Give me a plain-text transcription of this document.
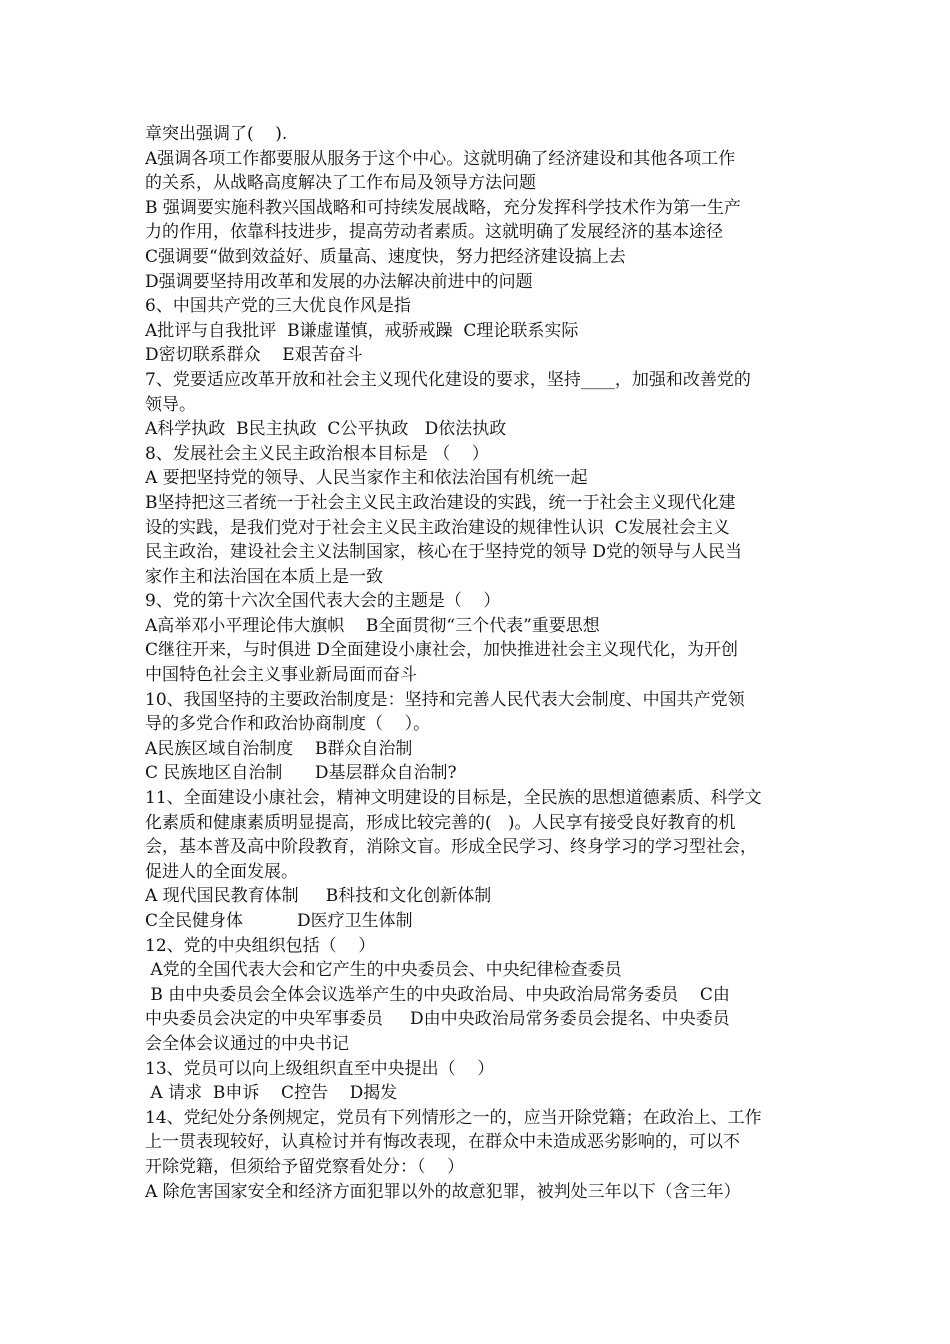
章突出强调了(    ).
A强调各项工作都要服从服务于这个中心。这就明确了经济建设和其他各项工作
的关系，从战略高度解决了工作布局及领导方法问题
B 强调要实施科教兴国战略和可持续发展战略，充分发挥科学技术作为第一生产
力的作用，依靠科技进步，提高劳动者素质。这就明确了发展经济的基本途径
C强调要“做到效益好、质量高、速度快，努力把经济建设搞上去
D强调要坚持用改革和发展的办法解决前进中的问题
6、中国共产党的三大优良作风是指
A批评与自我批评  B谦虚谨慎，戒骄戒躁  C理论联系实际
D密切联系群众    E艰苦奋斗
7、党要适应改革开放和社会主义现代化建设的要求，坚持____，加强和改善党的
领导。
A科学执政  B民主执政  C公平执政   D依法执政
8、发展社会主义民主政治根本目标是 （    ）
A 要把坚持党的领导、人民当家作主和依法治国有机统一起
B坚持把这三者统一于社会主义民主政治建设的实践，统一于社会主义现代化建
设的实践，是我们党对于社会主义民主政治建设的规律性认识  C发展社会主义
民主政治，建设社会主义法制国家，核心在于坚持党的领导 D党的领导与人民当
家作主和法治国在本质上是一致
9、党的第十六次全国代表大会的主题是（    ）
A高举邓小平理论伟大旗帜    B全面贯彻“三个代表”重要思想
C继往开来，与时俱进 D全面建设小康社会，加快推进社会主义现代化，为开创
中国特色社会主义事业新局面而奋斗
10、我国坚持的主要政治制度是：坚持和完善人民代表大会制度、中国共产党领
导的多党合作和政治协商制度（    ）。
A民族区域自治制度    B群众自治制
C 民族地区自治制      D基层群众自治制?
11、全面建设小康社会，精神文明建设的目标是，全民族的思想道德素质、科学文
化素质和健康素质明显提高，形成比较完善的(   )。人民享有接受良好教育的机
会，基本普及高中阶段教育，消除文盲。形成全民学习、终身学习的学习型社会，
促进人的全面发展。
A 现代国民教育体制     B科技和文化创新体制
C全民健身体          D医疗卫生体制
12、党的中央组织包括（    ）
A党的全国代表大会和它产生的中央委员会、中央纪律检查委员
B 由中央委员会全体会议选举产生的中央政治局、中央政治局常务委员    C由
中央委员会决定的中央军事委员     D由中央政治局常务委员会提名、中央委员
会全体会议通过的中央书记
13、党员可以向上级组织直至中央提出（    ）
A 请求  B申诉    C控告    D揭发
14、党纪处分条例规定，党员有下列情形之一的，应当开除党籍；在政治上、工作
上一贯表现较好，认真检讨并有悔改表现，在群众中未造成恶劣影响的，可以不
开除党籍，但须给予留党察看处分：（    ）
A 除危害国家安全和经济方面犯罪以外的故意犯罪，被判处三年以下（含三年）
